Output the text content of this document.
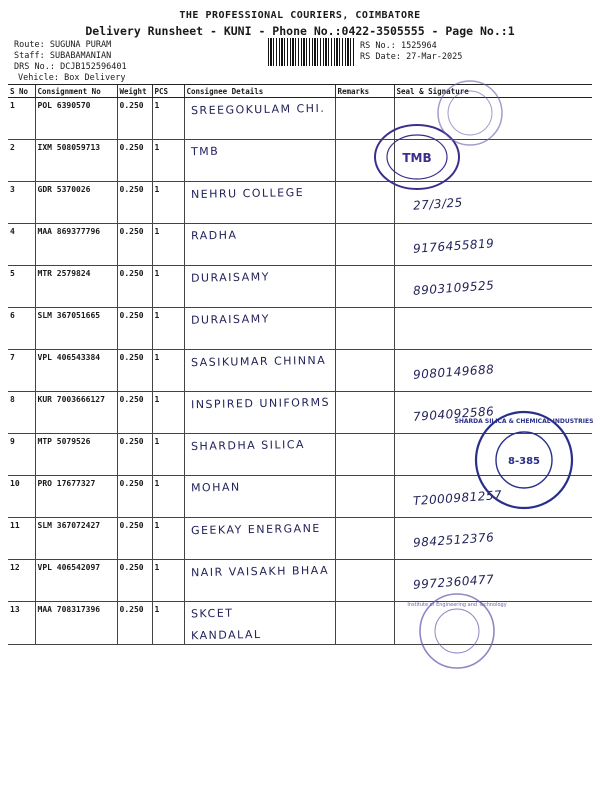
THE PROFESSIONAL COURIERS, COIMBATORE
Delivery Runsheet - KUNI - Phone No.:0422-3505555 - Page No.:1
Route: SUGUNA PURAM
Staff: SUBABAMANIAN
DRS No.: DCJB152596401
Vehicle: Box Delivery
RS No.: 1525964
RS Date: 27-Mar-2025
S No	Consignment No	Weight	PCS	Consignee Details	Remarks	Seal & Signature
1	POL 6390570	0.250	1	SREEGOKULAM CHI.

2	IXM 508059713	0.250	1	TMB

3	GDR 5370026	0.250	1	NEHRU COLLEGE		27/3/25
4	MAA 869377796	0.250	1	RADHA		9176455819
5	MTR 2579824	0.250	1	DURAISAMY		8903109525
6	SLM 367051665	0.250	1	DURAISAMY

7	VPL 406543384	0.250	1	SASIKUMAR CHINNA		9080149688
8	KUR 7003666127	0.250	1	INSPIRED UNIFORMS		7904092586
9	MTP 5079526	0.250	1	SHARDHA SILICA

10	PRO 17677327	0.250	1	MOHAN		T2000981257
11	SLM 367072427	0.250	1	GEEKAY ENERGANE		9842512376
12	VPL 406542097	0.250	1	NAIR VAISAKH BHAA		9972360477
13	MAA 708317396	0.250	1	SKCET
KANDALAL		

TMB
SHARDA SILICA & CHEMICAL INDUSTRIES
8-385
Institute of Engineering and Technology
